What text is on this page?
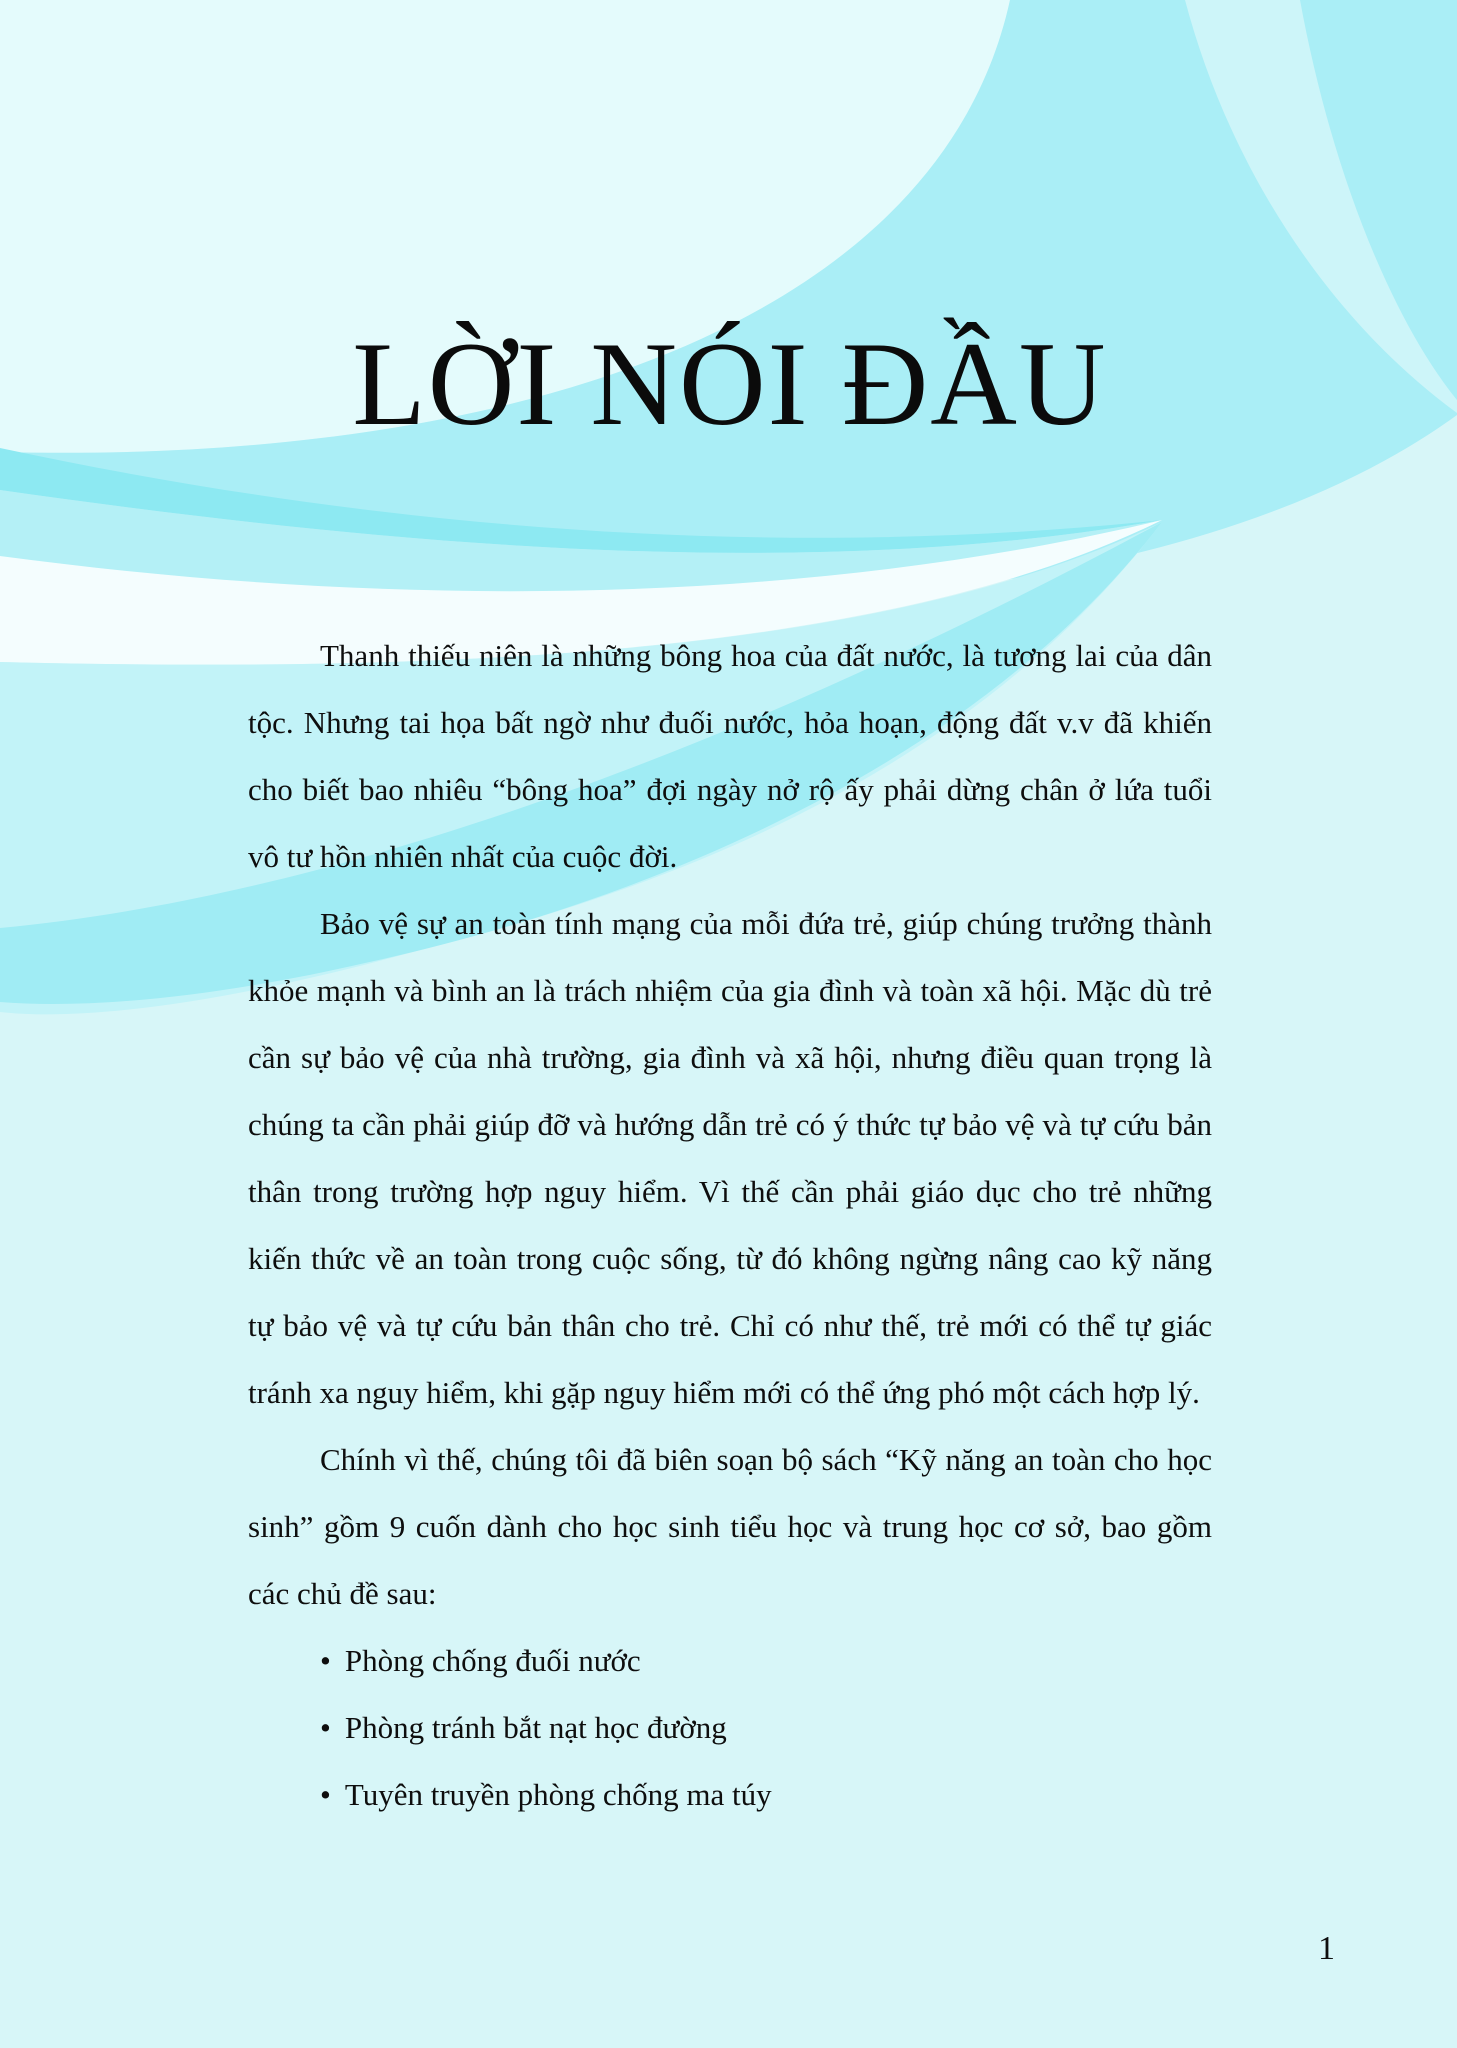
LỜI NÓI ĐẦU

Thanh thiếu niên là những bông hoa của đất nước, là tương lai của dân tộc. Nhưng tai họa bất ngờ như đuối nước, hỏa hoạn, động đất v.v đã khiến cho biết bao nhiêu “bông hoa” đợi ngày nở rộ ấy phải dừng chân ở lứa tuổi vô tư hồn nhiên nhất của cuộc đời.

Bảo vệ sự an toàn tính mạng của mỗi đứa trẻ, giúp chúng trưởng thành khỏe mạnh và bình an là trách nhiệm của gia đình và toàn xã hội. Mặc dù trẻ cần sự bảo vệ của nhà trường, gia đình và xã hội, nhưng điều quan trọng là chúng ta cần phải giúp đỡ và hướng dẫn trẻ có ý thức tự bảo vệ và tự cứu bản thân trong trường hợp nguy hiểm. Vì thế cần phải giáo dục cho trẻ những kiến thức về an toàn trong cuộc sống, từ đó không ngừng nâng cao kỹ năng tự bảo vệ và tự cứu bản thân cho trẻ. Chỉ có như thế, trẻ mới có thể tự giác tránh xa nguy hiểm, khi gặp nguy hiểm mới có thể ứng phó một cách hợp lý.

Chính vì thế, chúng tôi đã biên soạn bộ sách “Kỹ năng an toàn cho học sinh” gồm 9 cuốn dành cho học sinh tiểu học và trung học cơ sở, bao gồm các chủ đề sau:

• Phòng chống đuối nước
• Phòng tránh bắt nạt học đường
• Tuyên truyền phòng chống ma túy
1
